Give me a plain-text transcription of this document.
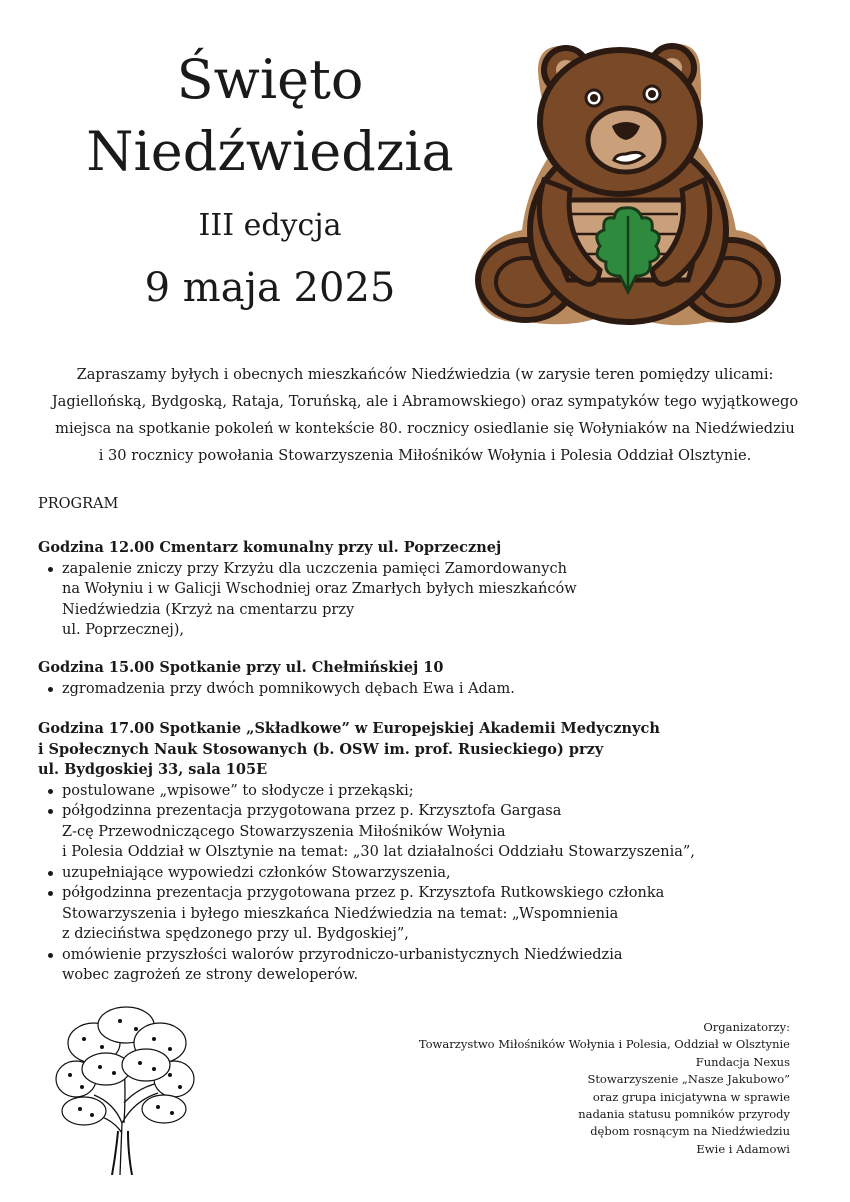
Święto
Niedźwiedzia
III edycja
9 maja 2025
Zapraszamy byłych i obecnych mieszkańców Niedźwiedzia (w zarysie teren pomiędzy ulicami:
Jagiellońską, Bydgoską, Rataja, Toruńską, ale i Abramowskiego) oraz sympatyków tego wyjątkowego
miejsca na spotkanie pokoleń w kontekście 80. rocznicy osiedlanie się Wołyniaków na Niedźwiedziu
i 30 rocznicy powołania Stowarzyszenia Miłośników Wołynia i Polesia Oddział Olsztynie.
PROGRAM
Godzina 12.00 Cmentarz komunalny przy ul. Poprzecznej
zapalenie zniczy przy Krzyżu dla uczczenia pamięci Zamordowanych
na Wołyniu i w Galicji Wschodniej oraz Zmarłych byłych mieszkańców
Niedźwiedzia (Krzyż na cmentarzu przy
ul. Poprzecznej),
Godzina 15.00 Spotkanie przy ul. Chełmińskiej 10
zgromadzenia przy dwóch pomnikowych dębach Ewa i Adam.
Godzina 17.00 Spotkanie „Składkowe” w Europejskiej Akademii Medycznych
i Społecznych Nauk Stosowanych (b. OSW im. prof. Rusieckiego) przy
ul. Bydgoskiej 33, sala 105E
postulowane „wpisowe” to słodycze i przekąski;
półgodzinna prezentacja przygotowana przez p. Krzysztofa Gargasa
Z-cę Przewodniczącego Stowarzyszenia Miłośników Wołynia
i Polesia Oddział w Olsztynie na temat: „30 lat działalności Oddziału Stowarzyszenia”,
uzupełniające wypowiedzi członków Stowarzyszenia,
półgodzinna prezentacja przygotowana przez p. Krzysztofa Rutkowskiego członka
Stowarzyszenia i byłego mieszkańca Niedźwiedzia na temat: „Wspomnienia
z dzieciństwa spędzonego przy ul. Bydgoskiej”,
omówienie przyszłości walorów przyrodniczo-urbanistycznych Niedźwiedzia
wobec zagrożeń ze strony deweloperów.
Organizatorzy:
Towarzystwo Miłośników Wołynia i Polesia, Oddział w Olsztynie
Fundacja Nexus
Stowarzyszenie „Nasze Jakubowo”
oraz grupa inicjatywna w sprawie
nadania statusu pomników przyrody
dębom rosnącym na Niedźwiedziu
Ewie i Adamowi
